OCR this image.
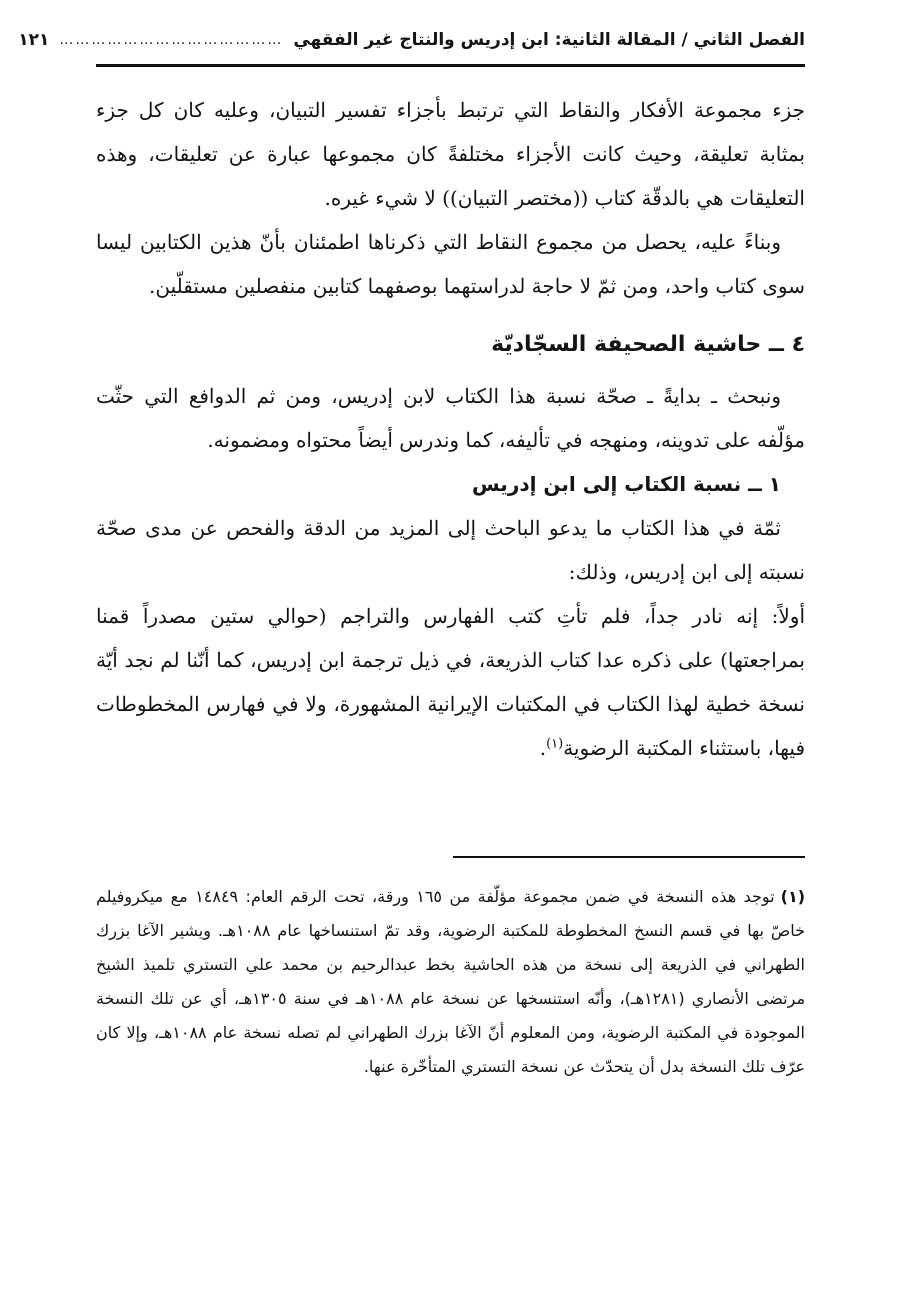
الفصل الثاني / المقالة الثانية: ابن إدريس والنتاج غير الفقهي
……………………………………
١٢١

جزء مجموعة الأفكار والنقاط التي ترتبط بأجزاء تفسير التبيان، وعليه كان كل جزء بمثابة تعليقة، وحيث كانت الأجزاء مختلفةً كان مجموعها عبارة عن تعليقات، وهذه التعليقات هي بالدقّة كتاب ((مختصر التبيان)) لا شيء غيره.

وبناءً عليه، يحصل من مجموع النقاط التي ذكرناها اطمئنان بأنّ هذين الكتابين ليسا سوى كتاب واحد، ومن ثمّ لا حاجة لدراستهما بوصفهما كتابين منفصلين مستقلّين.

٤ ــ حاشية الصحيفة السجّاديّة

ونبحث ـ بدايةً ـ صحّة نسبة هذا الكتاب لابن إدريس، ومن ثم الدوافع التي حثّت مؤلّفه على تدوينه، ومنهجه في تأليفه، كما وندرس أيضاً محتواه ومضمونه.

١ ــ نسبة الكتاب إلى ابن إدريس

ثمّة في هذا الكتاب ما يدعو الباحث إلى المزيد من الدقة والفحص عن مدى صحّة نسبته إلى ابن إدريس، وذلك:

أولاً: إنه نادر جداً، فلم تأتِ كتب الفهارس والتراجم (حوالي ستين مصدراً قمنا بمراجعتها) على ذكره عدا كتاب الذريعة، في ذيل ترجمة ابن إدريس، كما أنّنا لم نجد أيّة نسخة خطية لهذا الكتاب في المكتبات الإيرانية المشهورة، ولا في فهارس المخطوطات فيها، باستثناء المكتبة الرضوية$^{(١)}$.

(١)توجد هذه النسخة في ضمن مجموعة مؤلّفة من ١٦٥ ورقة، تحت الرقم العام: ١٤٨٤٩ مع ميكروفيلم خاصّ بها في قسم النسخ المخطوطة للمكتبة الرضوية، وقد تمّ استنساخها عام ١٠٨٨هـ. ويشير الآغا بزرك الطهراني في الذريعة إلى نسخة من هذه الحاشية بخط عبدالرحيم بن محمد علي التستري تلميذ الشيخ مرتضى الأنصاري (١٢٨١هـ)، وأنّه استنسخها عن نسخة عام ١٠٨٨هـ في سنة ١٣٠٥هـ، أي عن تلك النسخة الموجودة في المكتبة الرضوية، ومن المعلوم أنّ الآغا بزرك الطهراني لم تصله نسخة عام ١٠٨٨هـ، وإلا كان عرّف تلك النسخة بدل أن يتحدّث عن نسخة التستري المتأخّرة عنها.
